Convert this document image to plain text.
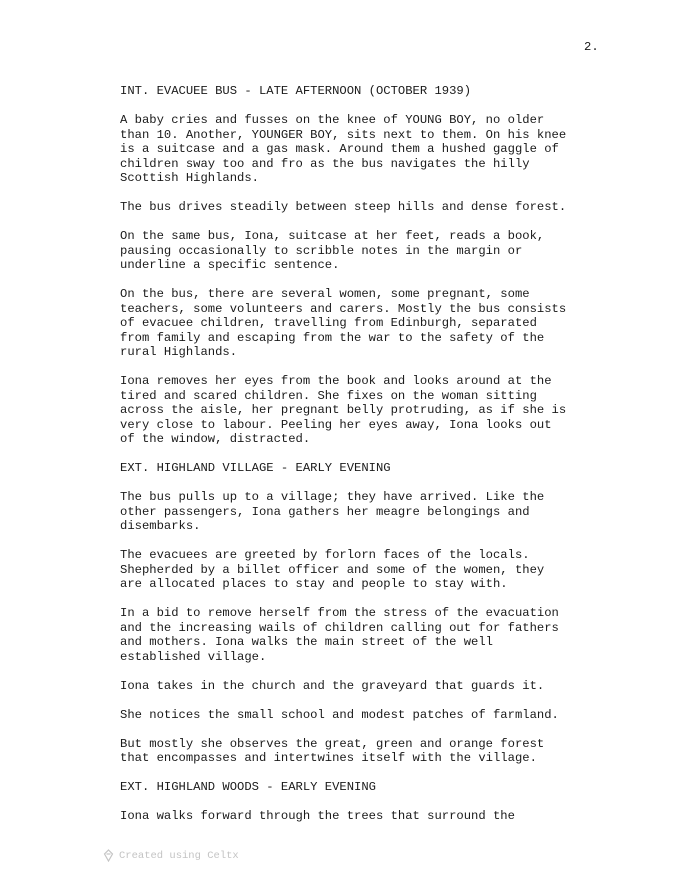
2.
INT. EVACUEE BUS - LATE AFTERNOON (OCTOBER 1939)
A baby cries and fusses on the knee of YOUNG BOY, no older
than 10. Another, YOUNGER BOY, sits next to them. On his knee
is a suitcase and a gas mask. Around them a hushed gaggle of
children sway too and fro as the bus navigates the hilly
Scottish Highlands.
The bus drives steadily between steep hills and dense forest.
On the same bus, Iona, suitcase at her feet, reads a book,
pausing occasionally to scribble notes in the margin or
underline a specific sentence.
On the bus, there are several women, some pregnant, some
teachers, some volunteers and carers. Mostly the bus consists
of evacuee children, travelling from Edinburgh, separated
from family and escaping from the war to the safety of the
rural Highlands.
Iona removes her eyes from the book and looks around at the
tired and scared children. She fixes on the woman sitting
across the aisle, her pregnant belly protruding, as if she is
very close to labour. Peeling her eyes away, Iona looks out
of the window, distracted.
EXT. HIGHLAND VILLAGE - EARLY EVENING
The bus pulls up to a village; they have arrived. Like the
other passengers, Iona gathers her meagre belongings and
disembarks.
The evacuees are greeted by forlorn faces of the locals.
Shepherded by a billet officer and some of the women, they
are allocated places to stay and people to stay with.
In a bid to remove herself from the stress of the evacuation
and the increasing wails of children calling out for fathers
and mothers. Iona walks the main street of the well
established village.
Iona takes in the church and the graveyard that guards it.
She notices the small school and modest patches of farmland.
But mostly she observes the great, green and orange forest
that encompasses and intertwines itself with the village.
EXT. HIGHLAND WOODS - EARLY EVENING
Iona walks forward through the trees that surround the
Created using Celtx
